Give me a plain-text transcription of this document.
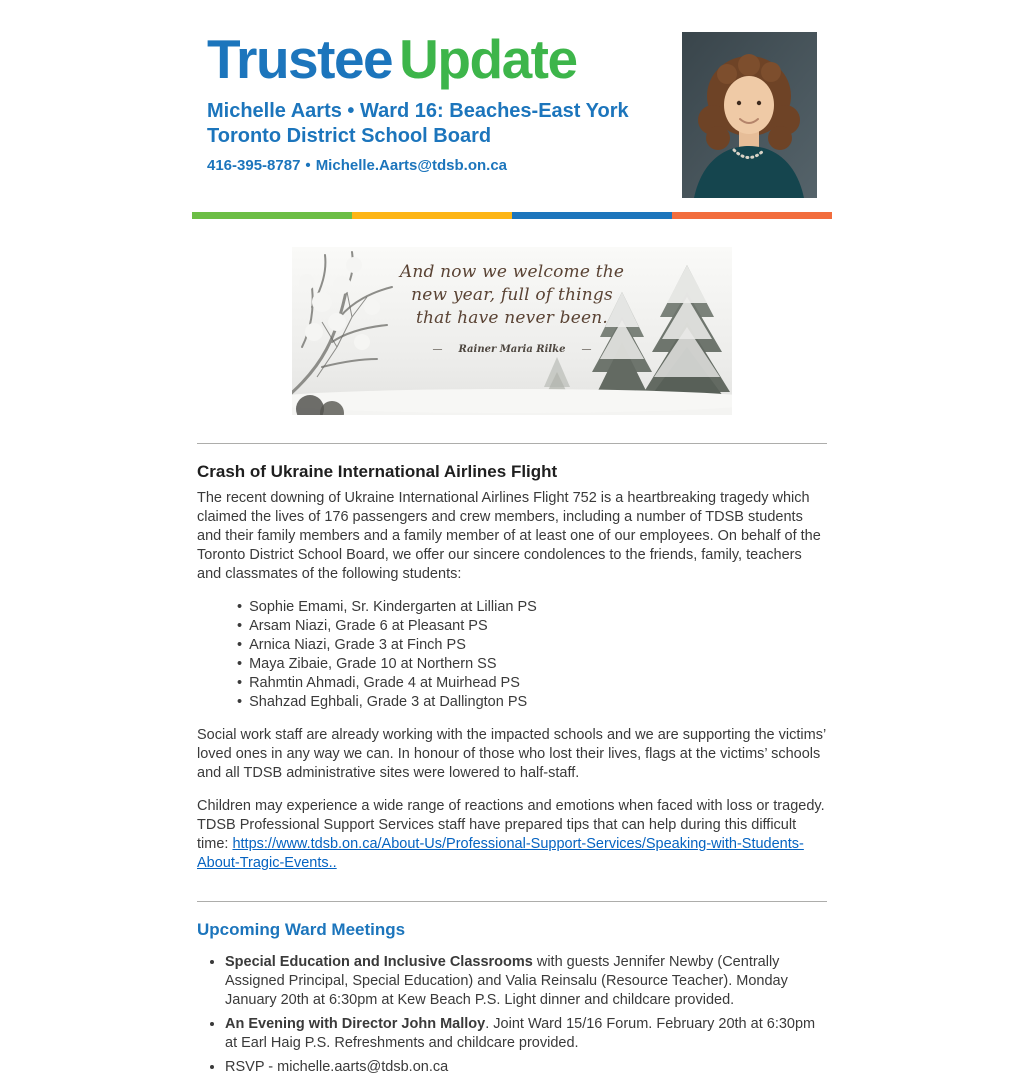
Trustee Update
Michelle Aarts • Ward 16: Beaches-East York
Toronto District School Board
416-395-8787 • Michelle.Aarts@tdsb.on.ca
And now we welcome the
new year, full of things
that have never been.
— Rainer Maria Rilke —
Crash of Ukraine International Airlines Flight

The recent downing of Ukraine International Airlines Flight 752 is a heartbreaking tragedy which claimed the lives of 176 passengers and crew members, including a number of TDSB students and their family members and a family member of at least one of our employees. On behalf of the Toronto District School Board, we offer our sincere condolences to the friends, family, teachers and classmates of the following students:

• Sophie Emami, Sr. Kindergarten at Lillian PS
• Arsam Niazi, Grade 6 at Pleasant PS
• Arnica Niazi, Grade 3 at Finch PS
• Maya Zibaie, Grade 10 at Northern SS
• Rahmtin Ahmadi, Grade 4 at Muirhead PS
• Shahzad Eghbali, Grade 3 at Dallington PS

Social work staff are already working with the impacted schools and we are supporting the victims’ loved ones in any way we can. In honour of those who lost their lives, flags at the victims’ schools and all TDSB administrative sites were lowered to half-staff.

Children may experience a wide range of reactions and emotions when faced with loss or tragedy. TDSB Professional Support Services staff have prepared tips that can help during this difficult time: https://www.tdsb.on.ca/About-Us/Professional-Support-Services/Speaking-with-Students-About-Tragic-Events..

Upcoming Ward Meetings
• Special Education and Inclusive Classrooms with guests Jennifer Newby (Centrally Assigned Principal, Special Education) and Valia Reinsalu (Resource Teacher). Monday January 20th at 6:30pm at Kew Beach P.S. Light dinner and childcare provided.
• An Evening with Director John Malloy. Joint Ward 15/16 Forum. February 20th at 6:30pm at Earl Haig P.S. Refreshments and childcare provided.
• RSVP - michelle.aarts@tdsb.on.ca
